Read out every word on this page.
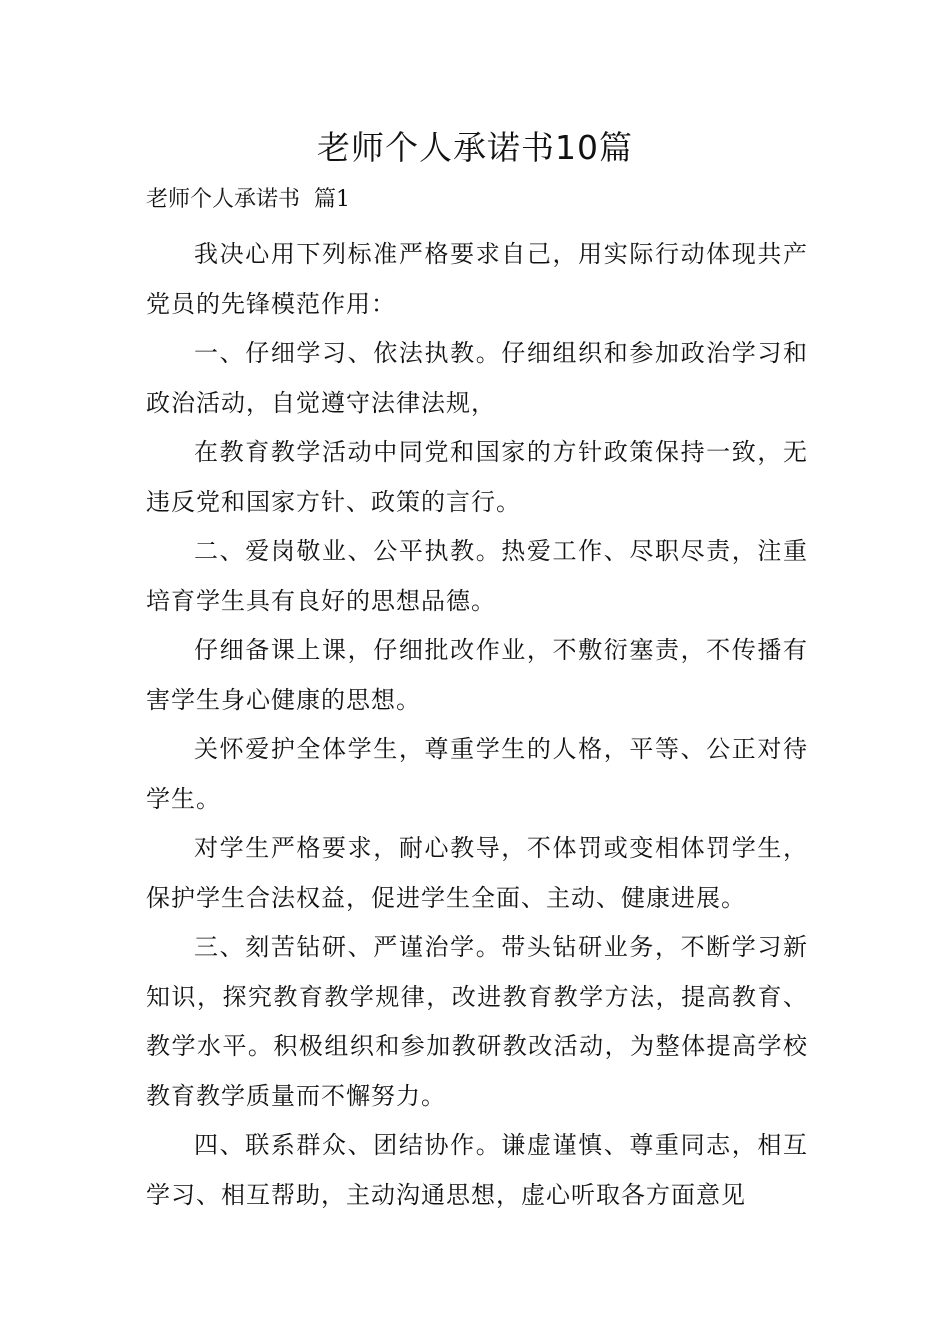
老师个人承诺书10篇
老师个人承诺书  篇1

我决心用下列标准严格要求自己，用实际行动体现共产党员的先锋模范作用：

一、仔细学习、依法执教。仔细组织和参加政治学习和政治活动，自觉遵守法律法规，

在教育教学活动中同党和国家的方针政策保持一致，无违反党和国家方针、政策的言行。

二、爱岗敬业、公平执教。热爱工作、尽职尽责，注重培育学生具有良好的思想品德。

仔细备课上课，仔细批改作业，不敷衍塞责，不传播有害学生身心健康的思想。

关怀爱护全体学生，尊重学生的人格，平等、公正对待学生。

对学生严格要求，耐心教导，不体罚或变相体罚学生，保护学生合法权益，促进学生全面、主动、健康进展。

三、刻苦钻研、严谨治学。带头钻研业务，不断学习新知识，探究教育教学规律，改进教育教学方法，提高教育、教学水平。积极组织和参加教研教改活动，为整体提高学校教育教学质量而不懈努力。

四、联系群众、团结协作。谦虚谨慎、尊重同志，相互学习、相互帮助，主动沟通思想，虚心听取各方面意见
